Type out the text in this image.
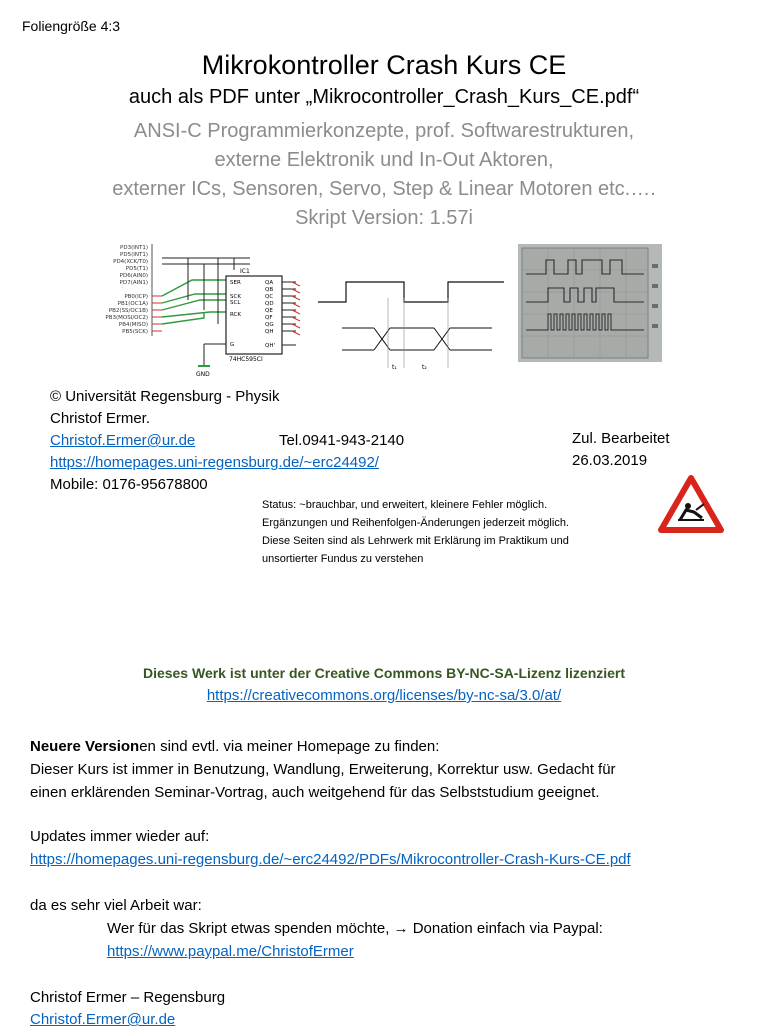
Foliengröße 4:3
Mikrokontroller Crash Kurs CE
auch als PDF unter „Mikrocontroller_Crash_Kurs_CE.pdf“
ANSI-C Programmierkonzepte, prof. Softwarestrukturen,
externe Elektronik und In-Out Aktoren,
externer ICs, Sensoren, Servo, Step & Linear Motoren etc.….
Skript Version: 1.57i
PD3(INT1)
PD5(INT1)
PD4(XCK/T0)
PD5(T1)
PD6(AIN0)
PD7(AIN1)
PB0(ICP)
PB1(OC1A)
PB2(SS/OC1B)
PB3(MOSI/OC2)
PB4(MISO)
PB5(SCK)
IC1
74HC595CI
SER
SCK
SCL
RCK
G
QA
QB
QC
QD
QE
QF
QG
QH
QH'
GND
t₁	t₂
© Universität Regensburg - Physik
Christof Ermer.
Christof.Ermer@ur.de
https://homepages.uni-regensburg.de/~erc24492/
Mobile: 0176-95678800
Tel.0941-943-2140	Zul. Bearbeitet
26.03.2019
Status: ~brauchbar, und erweitert, kleinere Fehler möglich.
Ergänzungen und Reihenfolgen-Änderungen jederzeit möglich.
Diese Seiten sind als Lehrwerk mit Erklärung im Praktikum und
unsortierter Fundus zu verstehen
Dieses Werk ist unter der Creative Commons BY-NC-SA-Lizenz lizenziert
https://creativecommons.org/licenses/by-nc-sa/3.0/at/
Neuere Versionen sind evtl. via meiner Homepage zu finden:
Dieser Kurs ist immer in Benutzung, Wandlung, Erweiterung, Korrektur usw. Gedacht für
einen erklärenden Seminar-Vortrag, auch weitgehend für das Selbststudium geeignet.
Updates immer wieder auf:
https://homepages.uni-regensburg.de/~erc24492/PDFs/Mikrocontroller-Crash-Kurs-CE.pdf
da es sehr viel Arbeit war:
Wer für das Skript etwas spenden möchte, → Donation einfach via Paypal:
https://www.paypal.me/ChristofErmer
Christof Ermer – Regensburg
Christof.Ermer@ur.de
